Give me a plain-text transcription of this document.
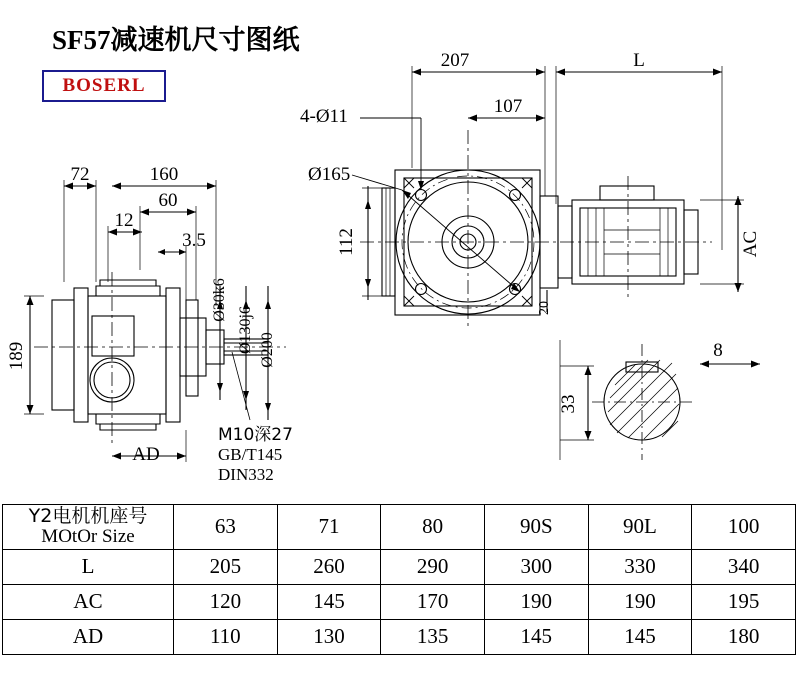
SF57减速机尺寸图纸
BOSERL
207	L
107
4-Ø11
Ø165
112
20
AC
72	160
60
12
3.5
189
AD
Ø30k6
Ø130j6 Ø200
M10深27
GB/T145
DIN332
8
33
Y2电机机座号
MOtOr Size	63	71	80	90S	90L	100
L	205	260	290	300	330	340
AC	120	145	170	190	190	195
AD	110	130	135	145	145	180
